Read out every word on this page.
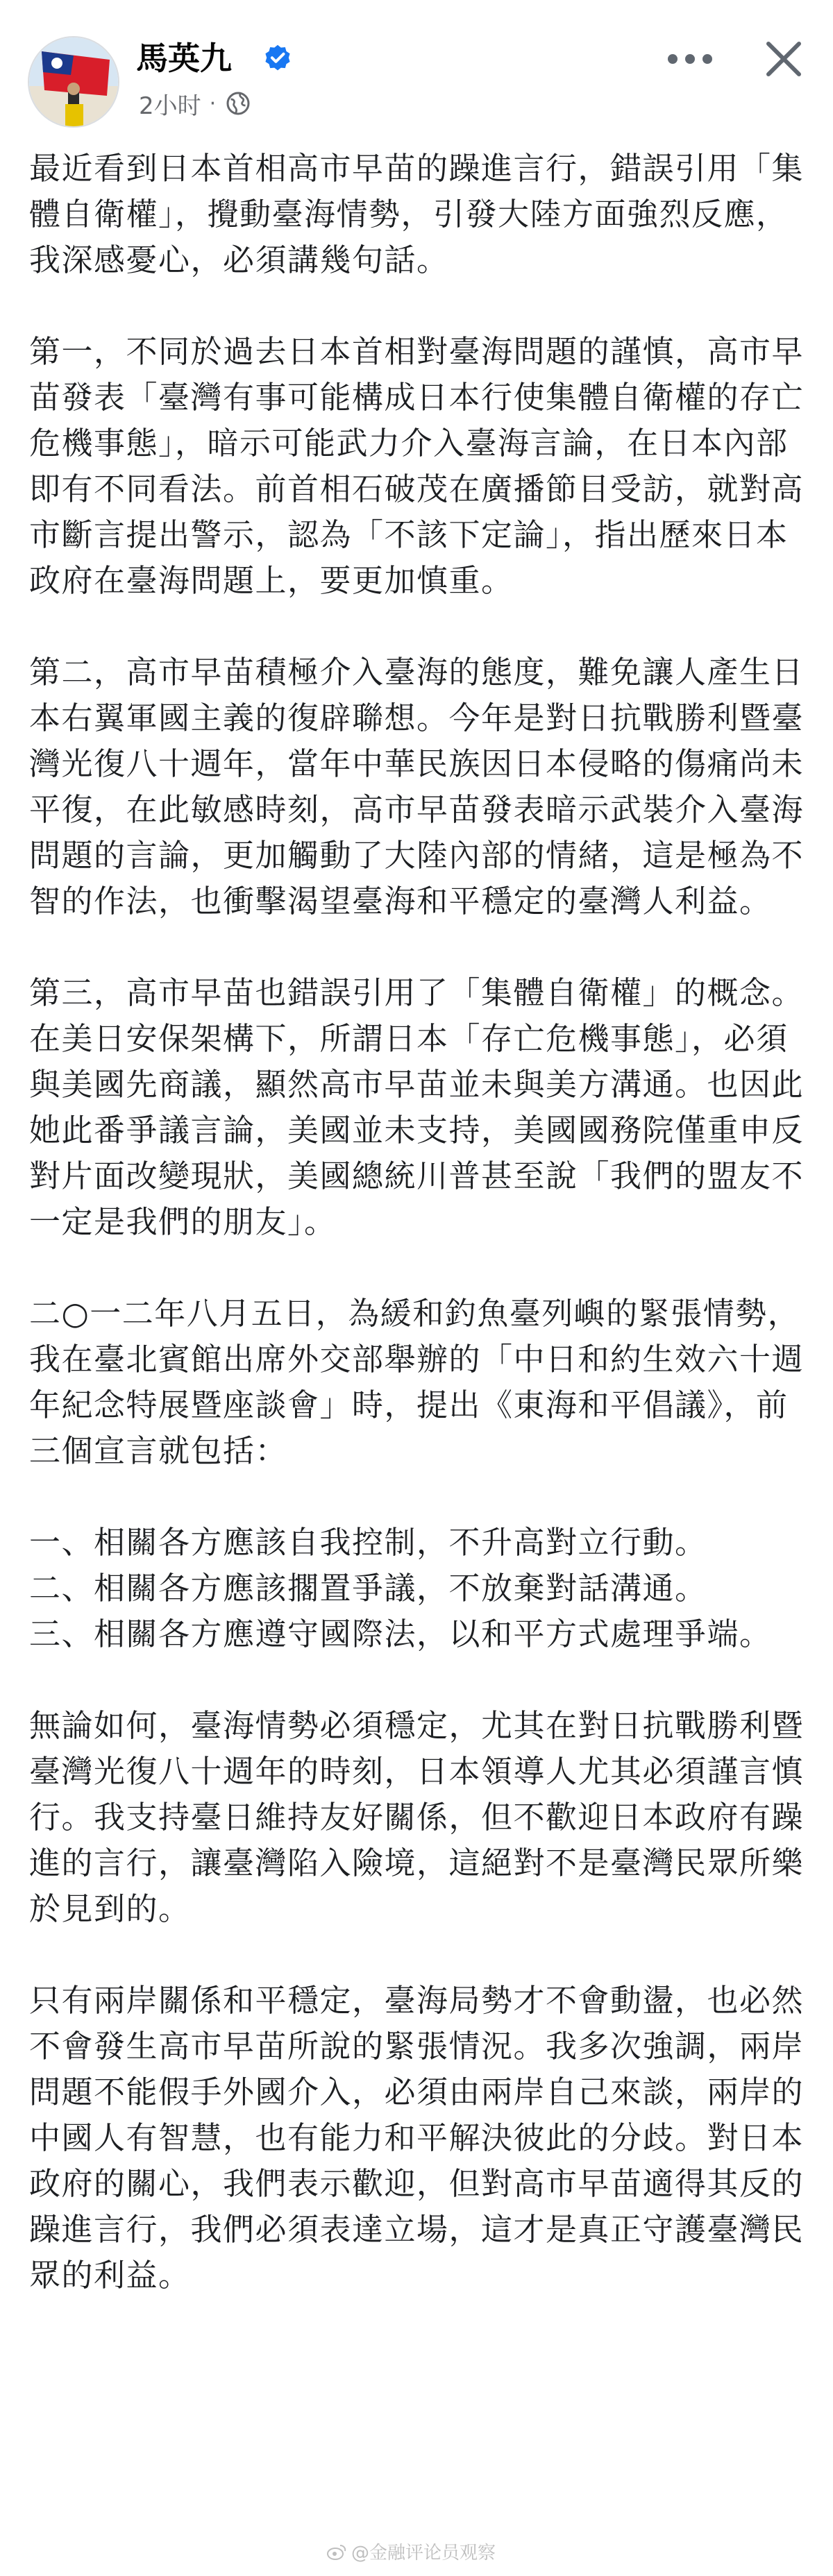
馬英九
2小时 ·

最近看到日本首相高市早苗的躁進言行，錯誤引用「集體自衛權」，攪動臺海情勢，引發大陸方面強烈反應，我深感憂心，必須講幾句話。

第一，不同於過去日本首相對臺海問題的謹慎，高市早苗發表「臺灣有事可能構成日本行使集體自衛權的存亡危機事態」，暗示可能武力介入臺海言論，在日本內部即有不同看法。前首相石破茂在廣播節目受訪，就對高市斷言提出警示，認為「不該下定論」，指出歷來日本政府在臺海問題上，要更加慎重。

第二，高市早苗積極介入臺海的態度，難免讓人產生日本右翼軍國主義的復辟聯想。今年是對日抗戰勝利暨臺灣光復八十週年，當年中華民族因日本侵略的傷痛尚未平復，在此敏感時刻，高市早苗發表暗示武裝介入臺海問題的言論，更加觸動了大陸內部的情緒，這是極為不智的作法，也衝擊渴望臺海和平穩定的臺灣人利益。

第三，高市早苗也錯誤引用了「集體自衛權」的概念。在美日安保架構下，所謂日本「存亡危機事態」，必須與美國先商議，顯然高市早苗並未與美方溝通。也因此她此番爭議言論，美國並未支持，美國國務院僅重申反對片面改變現狀，美國總統川普甚至說「我們的盟友不一定是我們的朋友」。

二○一二年八月五日，為緩和釣魚臺列嶼的緊張情勢，我在臺北賓館出席外交部舉辦的「中日和約生效六十週年紀念特展暨座談會」時，提出《東海和平倡議》，前三個宣言就包括：

一、相關各方應該自我控制，不升高對立行動。
二、相關各方應該擱置爭議，不放棄對話溝通。
三、相關各方應遵守國際法，以和平方式處理爭端。

無論如何，臺海情勢必須穩定，尤其在對日抗戰勝利暨臺灣光復八十週年的時刻，日本領導人尤其必須謹言慎行。我支持臺日維持友好關係，但不歡迎日本政府有躁進的言行，讓臺灣陷入險境，這絕對不是臺灣民眾所樂於見到的。

只有兩岸關係和平穩定，臺海局勢才不會動盪，也必然不會發生高市早苗所說的緊張情況。我多次強調，兩岸問題不能假手外國介入，必須由兩岸自己來談，兩岸的中國人有智慧，也有能力和平解決彼此的分歧。對日本政府的關心，我們表示歡迎，但對高市早苗適得其反的躁進言行，我們必須表達立場，這才是真正守護臺灣民眾的利益。

@金融评论员观察
